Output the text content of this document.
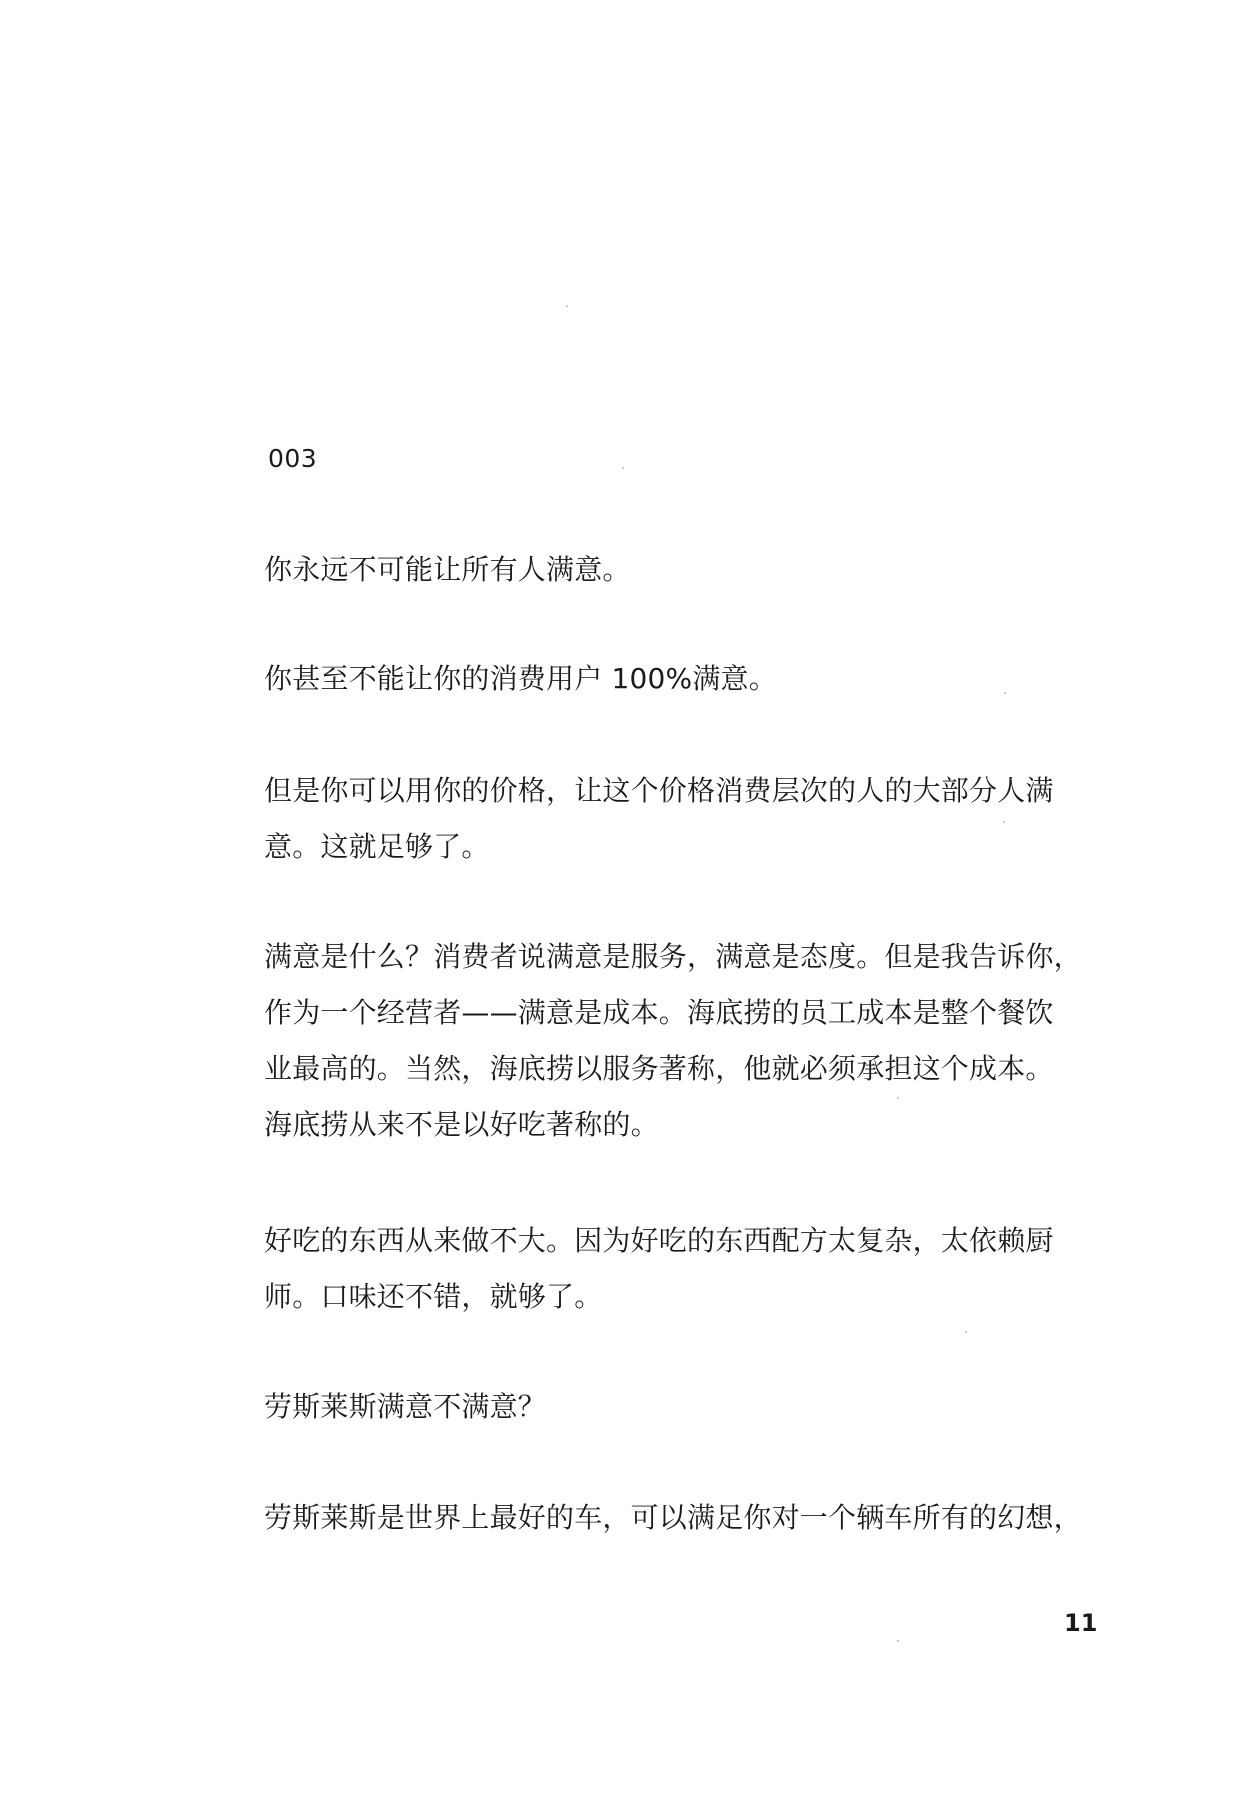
003
你永远不可能让所有人满意。
你甚至不能让你的消费用户 100%满意。
但是你可以用你的价格，让这个价格消费层次的人的大部分人满
意。这就足够了。
满意是什么？消费者说满意是服务，满意是态度。但是我告诉你，
作为一个经营者——满意是成本。海底捞的员工成本是整个餐饮
业最高的。当然，海底捞以服务著称，他就必须承担这个成本。
海底捞从来不是以好吃著称的。
好吃的东西从来做不大。因为好吃的东西配方太复杂，太依赖厨
师。口味还不错，就够了。
劳斯莱斯满意不满意？
劳斯莱斯是世界上最好的车，可以满足你对一个辆车所有的幻想，
11
